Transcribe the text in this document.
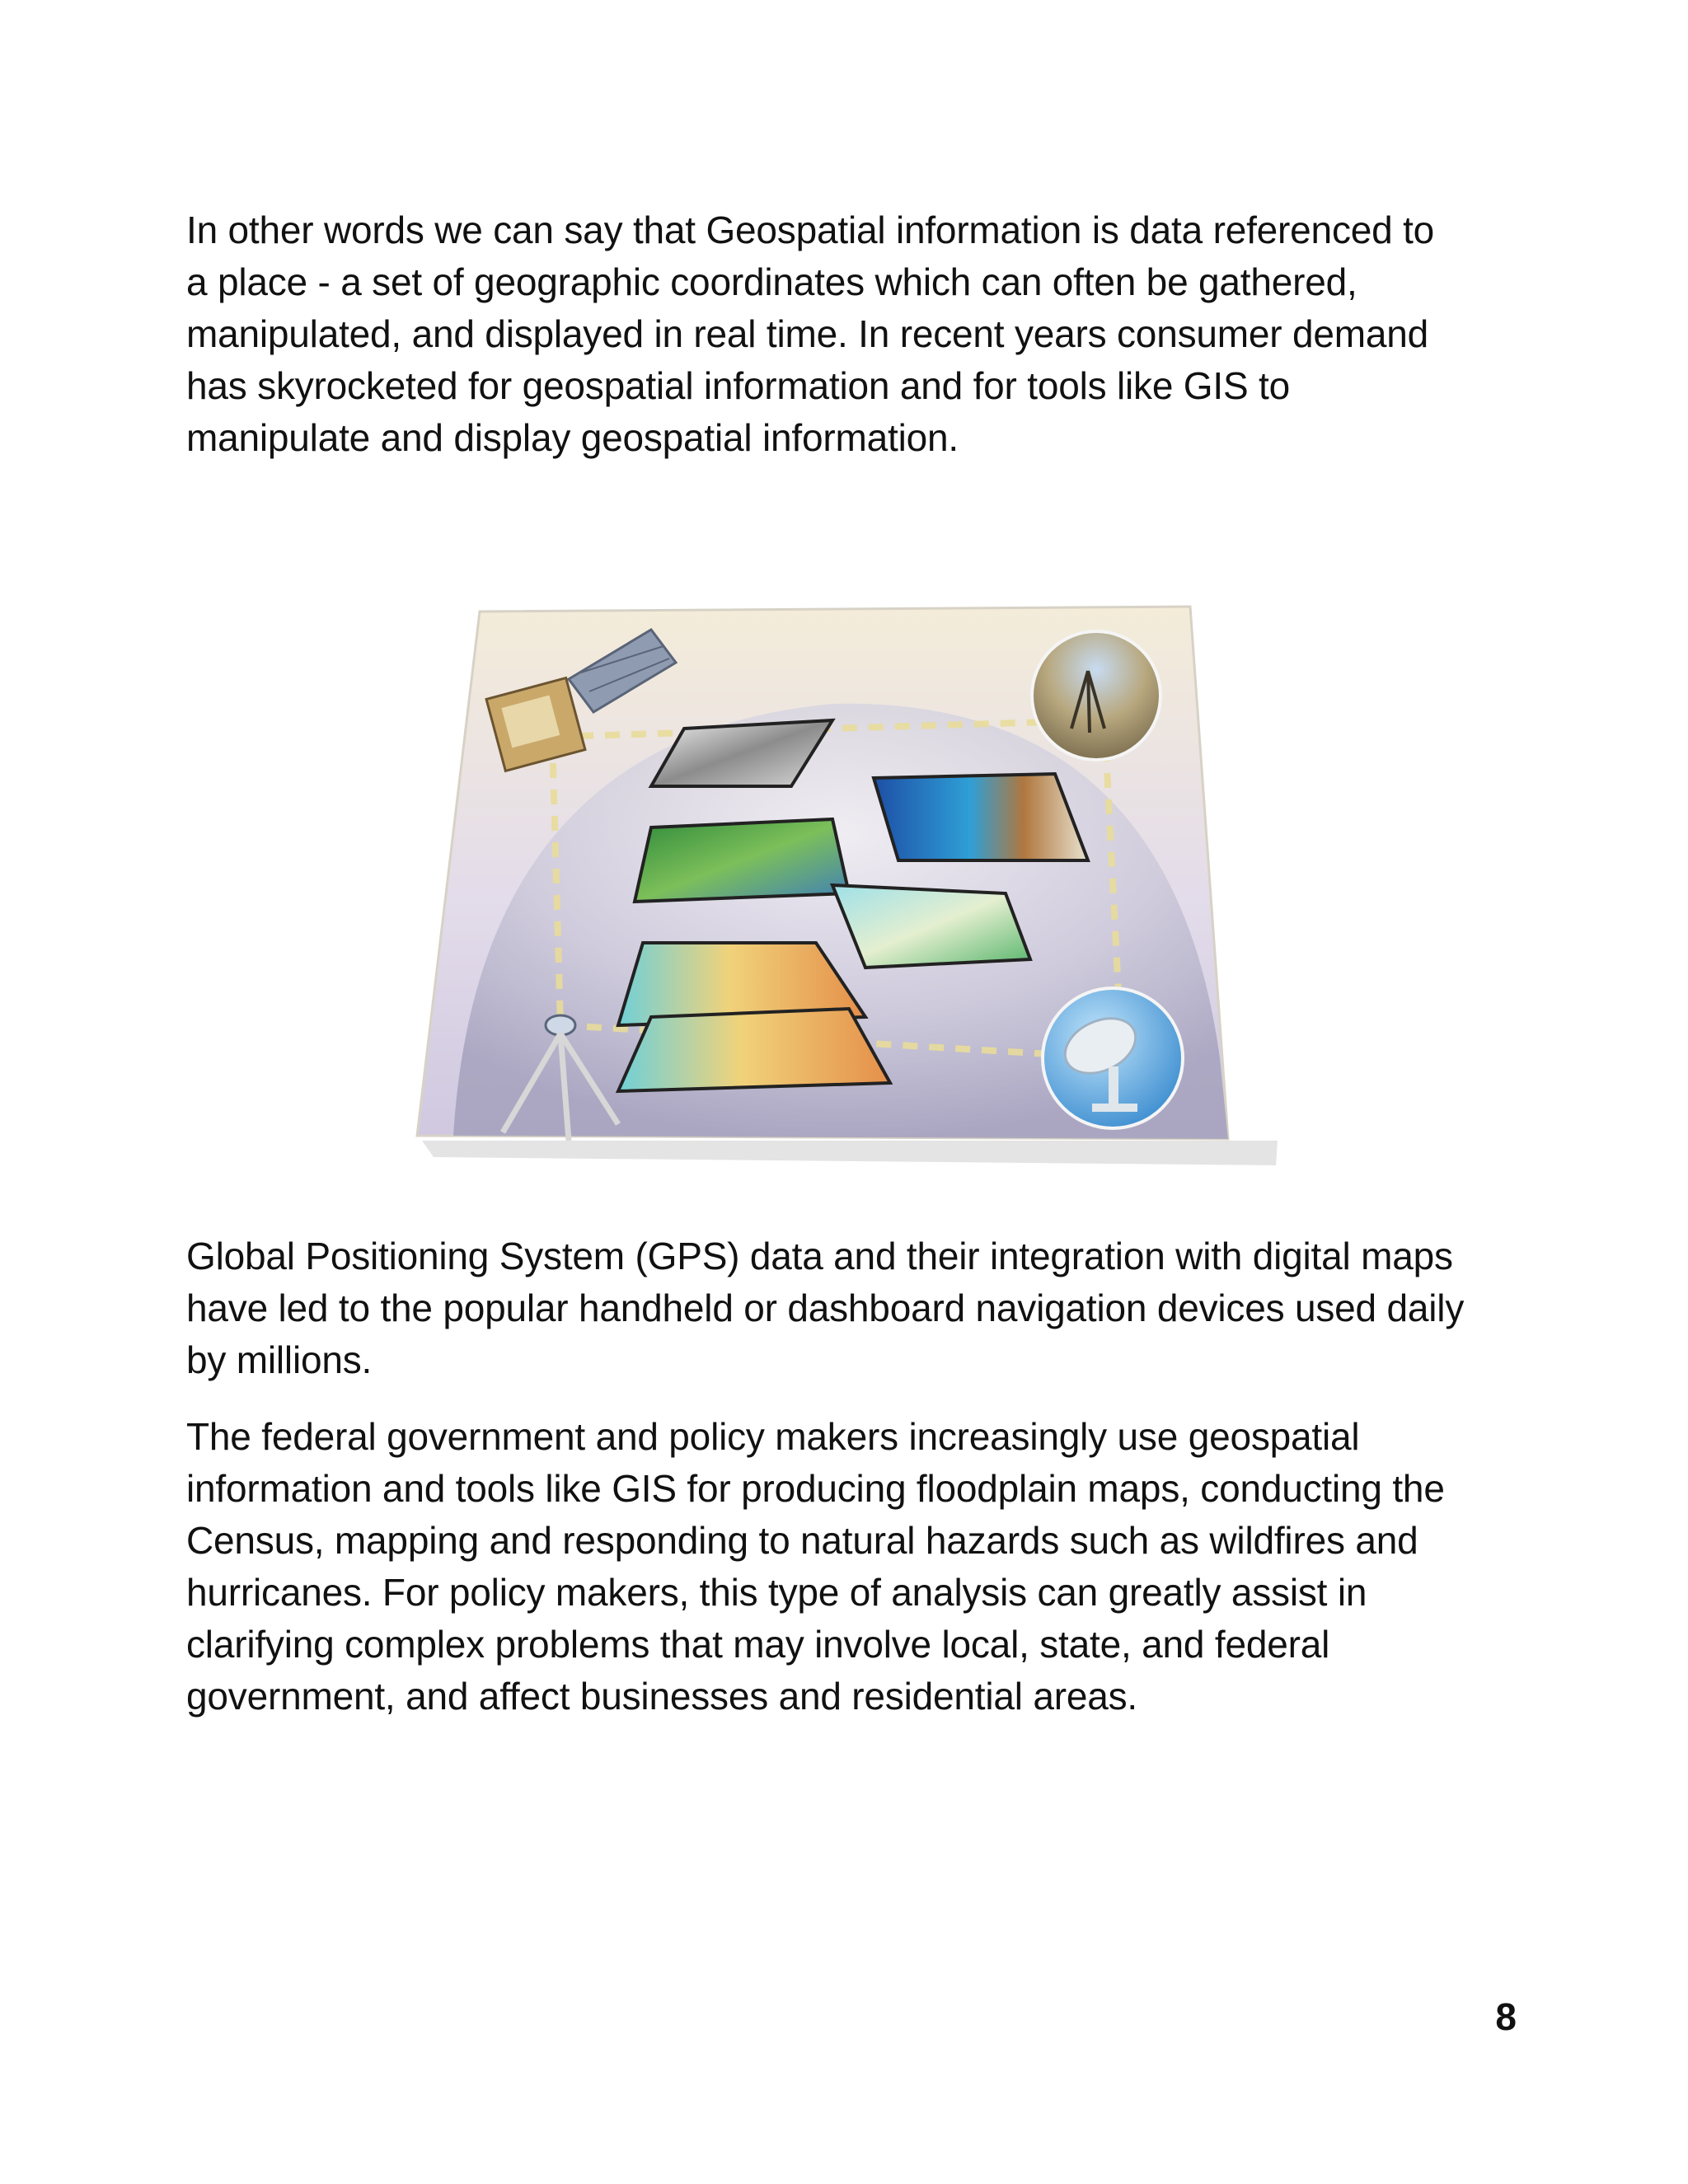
In other words we can say that Geospatial information is data referenced to
a place - a set of geographic coordinates which can often be gathered,
manipulated, and displayed in real time. In recent years consumer demand
has skyrocketed for geospatial information and for tools like GIS to
manipulate and display geospatial information.

Global Positioning System (GPS) data and their integration with digital maps
have led to the popular handheld or dashboard navigation devices used daily
by millions.

The federal government and policy makers increasingly use geospatial
information and tools like GIS for producing floodplain maps, conducting the
Census, mapping and responding to natural hazards such as wildfires and
hurricanes. For policy makers, this type of analysis can greatly assist in
clarifying complex problems that may involve local, state, and federal
government, and affect businesses and residential areas.

8
